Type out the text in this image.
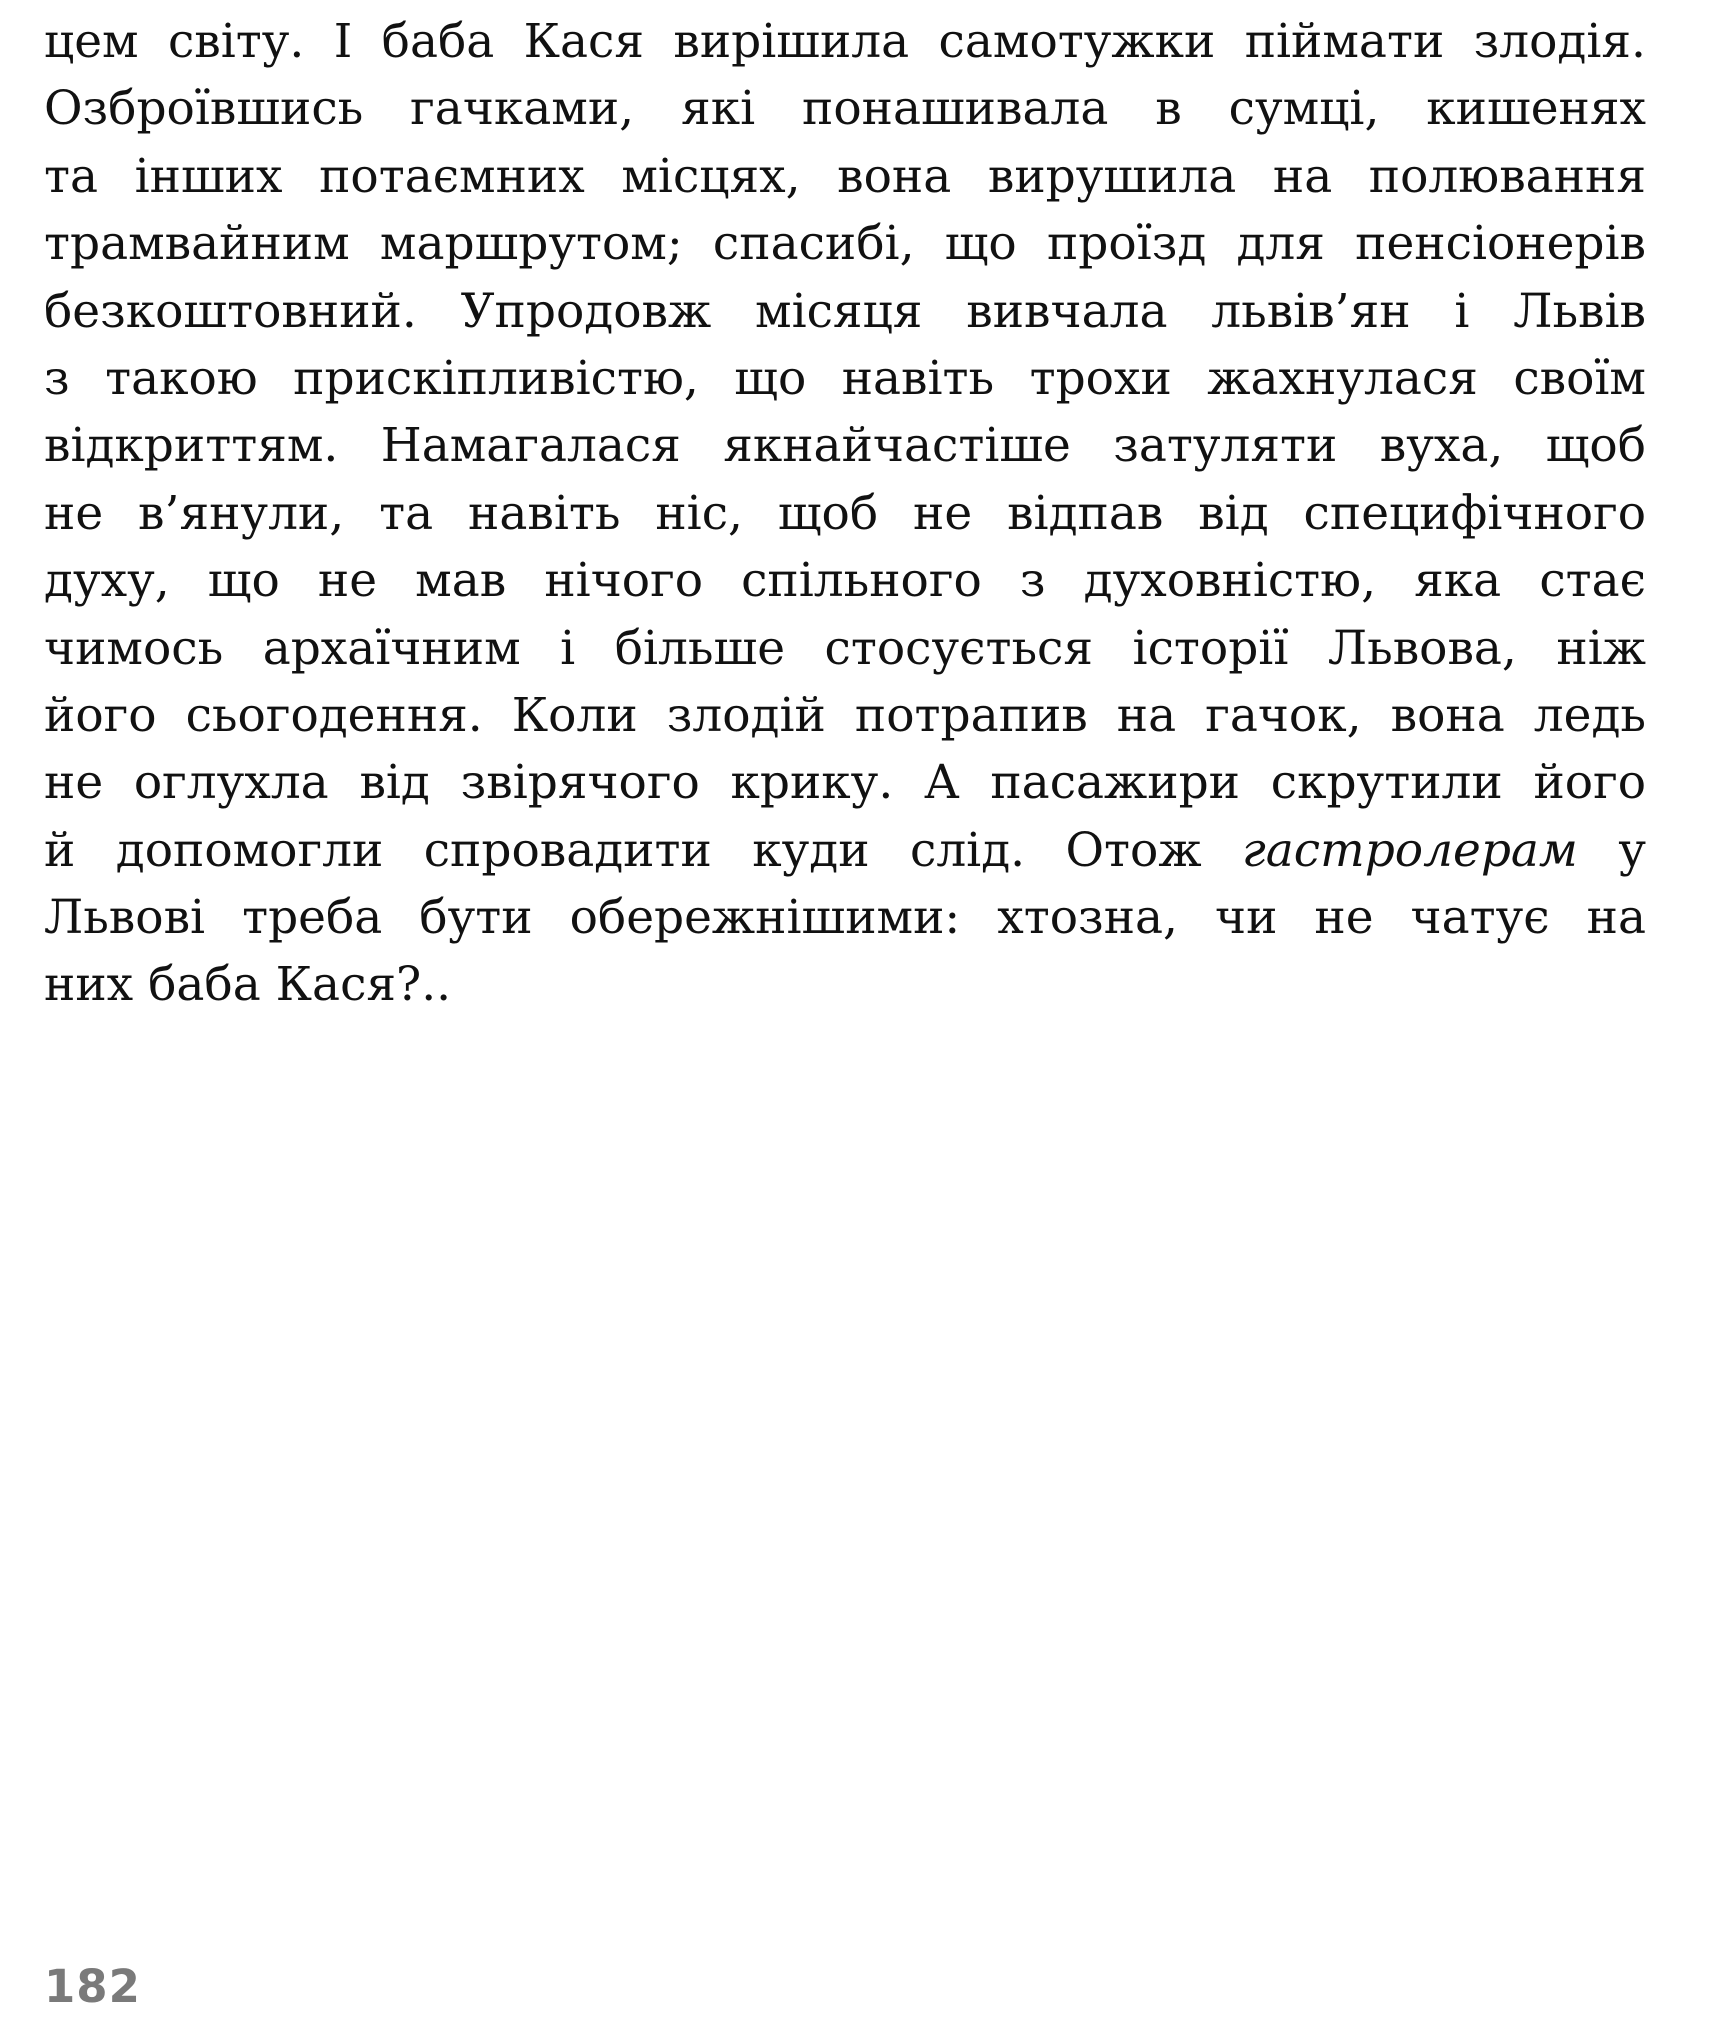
цем світу. І баба Кася вирішила самотужки піймати злодія.
Озброївшись гачками, які понашивала в сумці, кишенях
та інших потаємних місцях, вона вирушила на полювання
трамвайним маршрутом; спасибі, що проїзд для пенсіонерів
безкоштовний. Упродовж місяця вивчала львів’ян і Львів
з такою прискіпливістю, що навіть трохи жахнулася своїм
відкриттям. Намагалася якнайчастіше затуляти вуха, щоб
не в’янули, та навіть ніс, щоб не відпав від специфічного
духу, що не мав нічого спільного з духовністю, яка стає
чимось архаїчним і більше стосується історії Львова, ніж
його сьогодення. Коли злодій потрапив на гачок, вона ледь
не оглухла від звірячого крику. А пасажири скрутили його
й допомогли спровадити куди слід. Отож гастролерам у
Львові треба бути обережнішими: хтозна, чи не чатує на
них баба Кася?..
182
